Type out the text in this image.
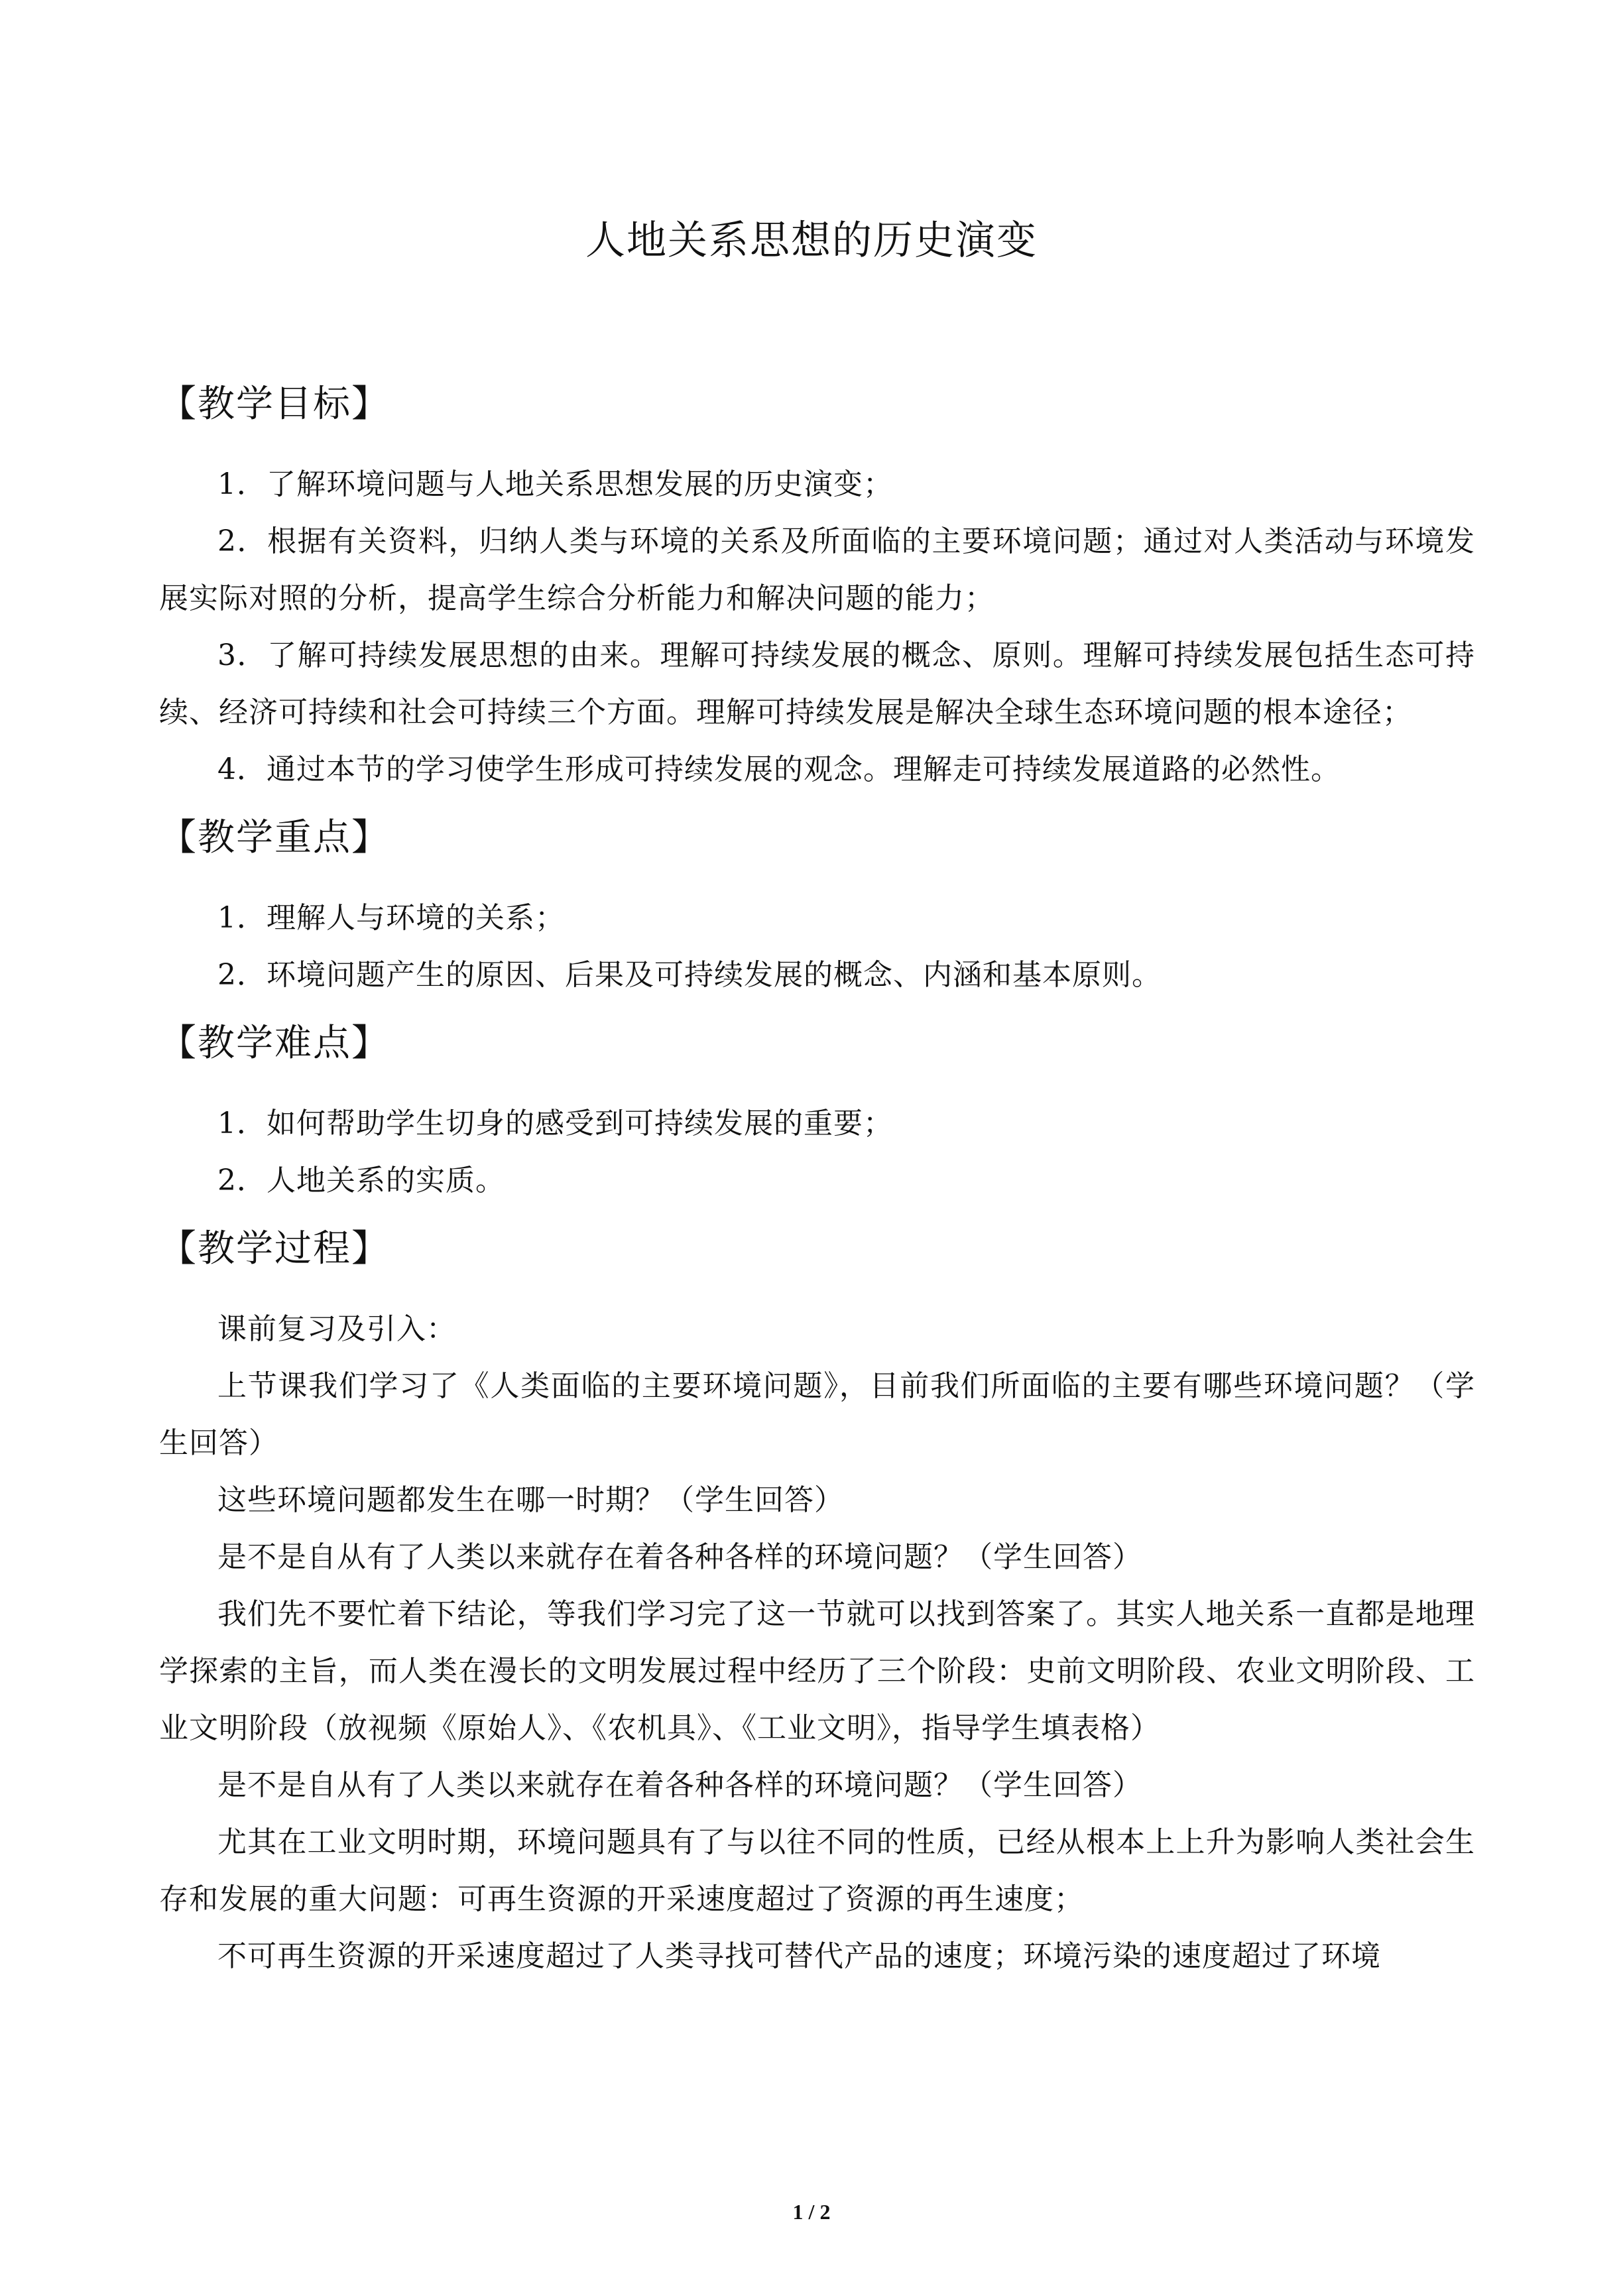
人地关系思想的历史演变
【教学目标】

1．了解环境问题与人地关系思想发展的历史演变；

2．根据有关资料，归纳人类与环境的关系及所面临的主要环境问题；通过对人类活动与环境发展实际对照的分析，提高学生综合分析能力和解决问题的能力；

3．了解可持续发展思想的由来。理解可持续发展的概念、原则。理解可持续发展包括生态可持续、经济可持续和社会可持续三个方面。理解可持续发展是解决全球生态环境问题的根本途径；

4．通过本节的学习使学生形成可持续发展的观念。理解走可持续发展道路的必然性。

【教学重点】

1．理解人与环境的关系；

2．环境问题产生的原因、后果及可持续发展的概念、内涵和基本原则。

【教学难点】

1．如何帮助学生切身的感受到可持续发展的重要；

2．人地关系的实质。

【教学过程】

课前复习及引入：

上节课我们学习了《人类面临的主要环境问题》，目前我们所面临的主要有哪些环境问题？（学生回答）

这些环境问题都发生在哪一时期？（学生回答）

是不是自从有了人类以来就存在着各种各样的环境问题？（学生回答）

我们先不要忙着下结论，等我们学习完了这一节就可以找到答案了。其实人地关系一直都是地理学探索的主旨，而人类在漫长的文明发展过程中经历了三个阶段：史前文明阶段、农业文明阶段、工业文明阶段（放视频《原始人》、《农机具》、《工业文明》，指导学生填表格）

是不是自从有了人类以来就存在着各种各样的环境问题？（学生回答）

尤其在工业文明时期，环境问题具有了与以往不同的性质，已经从根本上上升为影响人类社会生存和发展的重大问题：可再生资源的开采速度超过了资源的再生速度；

不可再生资源的开采速度超过了人类寻找可替代产品的速度；环境污染的速度超过了环境

1 / 2
